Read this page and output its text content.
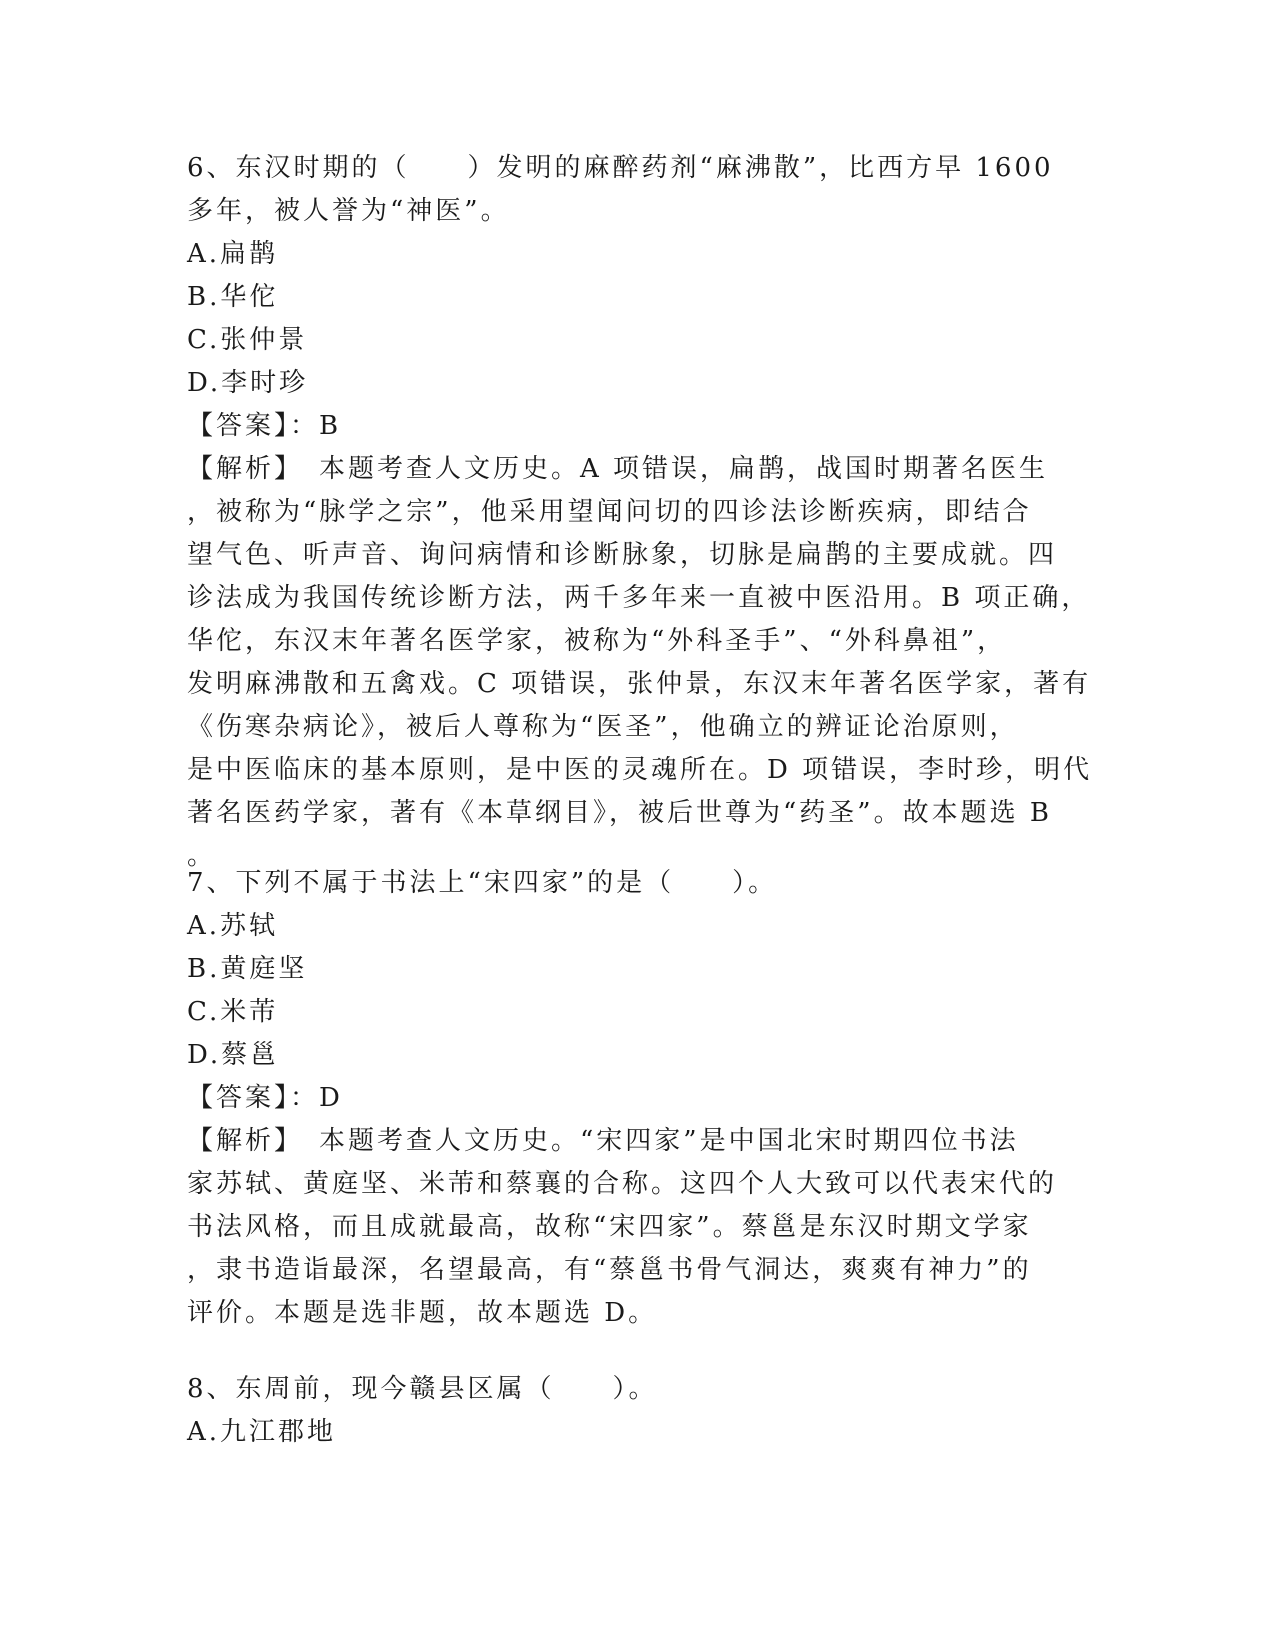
6、东汉时期的（　　）发明的麻醉药剂“麻沸散”，比西方早 1600
多年，被人誉为“神医”。
A.扁鹊
B.华佗
C.张仲景
D.李时珍
【答案】：B
【解析】　本题考查人文历史。A 项错误，扁鹊，战国时期著名医生
，被称为“脉学之宗”，他采用望闻问切的四诊法诊断疾病，即结合
望气色、听声音、询问病情和诊断脉象，切脉是扁鹊的主要成就。四
诊法成为我国传统诊断方法，两千多年来一直被中医沿用。B 项正确，
华佗，东汉末年著名医学家，被称为“外科圣手”、“外科鼻祖”，
发明麻沸散和五禽戏。C 项错误，张仲景，东汉末年著名医学家，著有
《伤寒杂病论》，被后人尊称为“医圣”，他确立的辨证论治原则，
是中医临床的基本原则，是中医的灵魂所在。D 项错误，李时珍，明代
著名医药学家，著有《本草纲目》，被后世尊为“药圣”。故本题选 B
。
7、下列不属于书法上“宋四家”的是（　　）。
A.苏轼
B.黄庭坚
C.米芾
D.蔡邕
【答案】：D
【解析】　本题考查人文历史。“宋四家”是中国北宋时期四位书法
家苏轼、黄庭坚、米芾和蔡襄的合称。这四个人大致可以代表宋代的
书法风格，而且成就最高，故称“宋四家”。蔡邕是东汉时期文学家
，隶书造诣最深，名望最高，有“蔡邕书骨气洞达，爽爽有神力”的
评价。本题是选非题，故本题选 D。
8、东周前，现今赣县区属（　　）。
A.九江郡地
